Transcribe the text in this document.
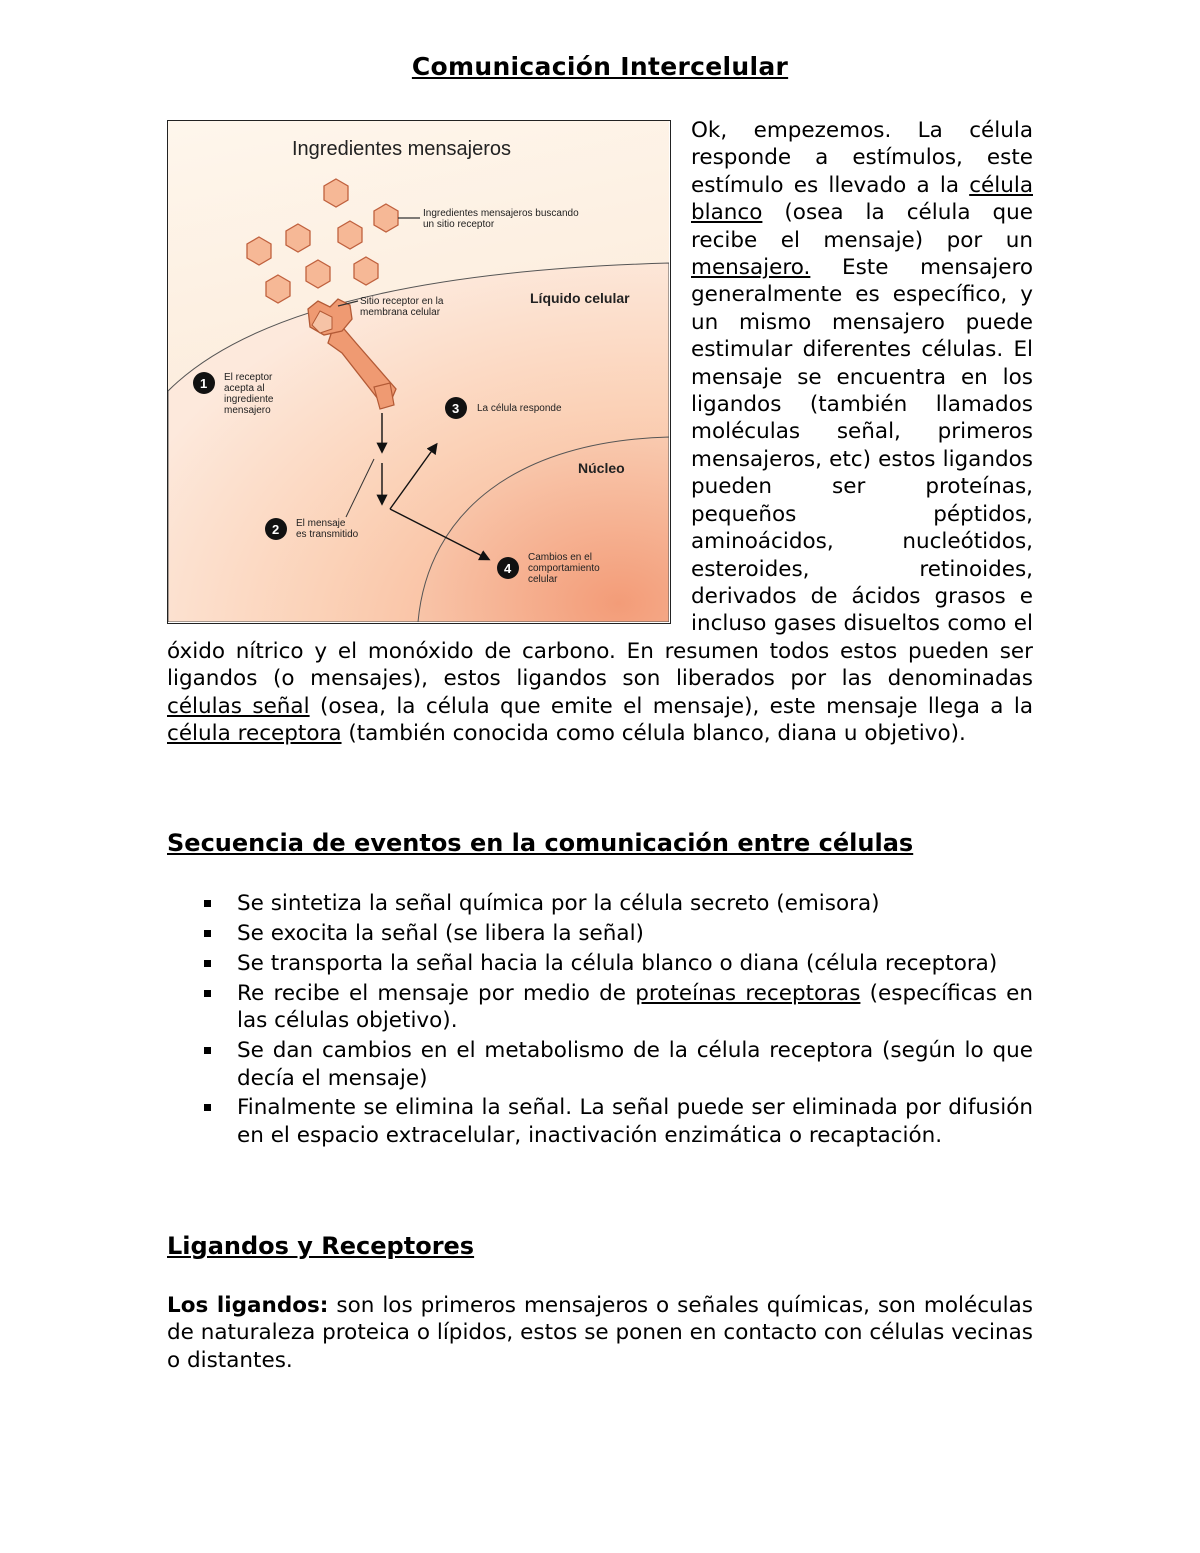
Comunicación Intercelular
Ingredientes mensajeros
Ingredientes mensajeros buscando
un sitio receptor
Líquido celular
Sitio receptor en la
membrana celular
Núcleo
1 El receptor
acepta al
ingrediente
mensajero
2 El mensaje
es transmitido
3 La célula responde
4
Cambios en el
comportamiento
celular
Ok, empezemos. La célula responde a estímulos, este estímulo es llevado a la célula blanco (osea la célula que recibe el mensaje) por un mensajero. Este mensajero generalmente es específico, y un mismo mensajero puede estimular diferentes células. El mensaje se encuentra en los ligandos (también llamados moléculas señal, primeros mensajeros, etc) estos ligandos pueden ser proteínas, pequeños péptidos, aminoácidos, nucleótidos, esteroides, retinoides, derivados de ácidos grasos e incluso gases disueltos como el óxido nítrico y el monóxido de carbono. En resumen todos estos pueden ser ligandos (o mensajes), estos ligandos son liberados por las denominadas células señal (osea, la célula que emite el mensaje), este mensaje llega a la célula receptora (también conocida como célula blanco, diana u objetivo).
Secuencia de eventos en la comunicación entre células
Se sintetiza la señal química por la célula secreto (emisora)
Se exocita la señal (se libera la señal)
Se transporta la señal hacia la célula blanco o diana (célula receptora)
Re recibe el mensaje por medio de proteínas receptoras (específicas en las células objetivo).
Se dan cambios en el metabolismo de la célula receptora (según lo que decía el mensaje)
Finalmente se elimina la señal. La señal puede ser eliminada por difusión en el espacio extracelular, inactivación enzimática o recaptación.
Ligandos y Receptores
Los ligandos: son los primeros mensajeros o señales químicas, son moléculas de naturaleza proteica o lípidos, estos se ponen en contacto con células vecinas o distantes.
